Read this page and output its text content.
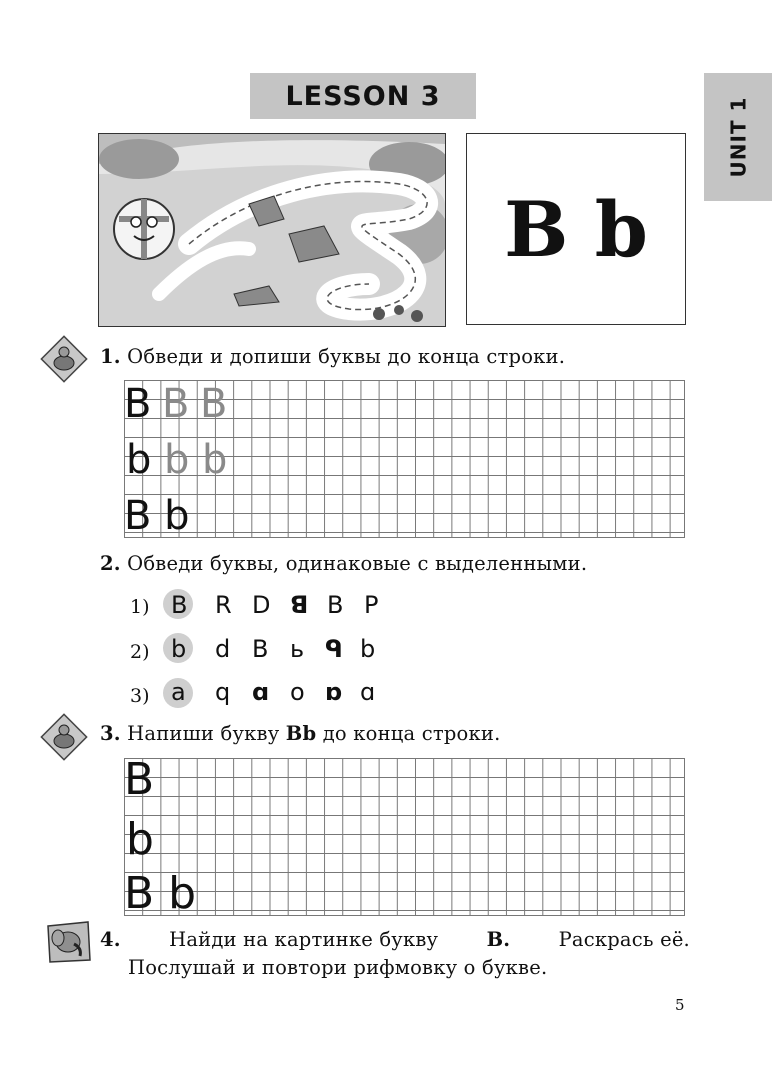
LESSON 3
UNIT 1
B b
1. Обведи и допиши буквы до конца строки.
B B B
b b b
B b
2. Обведи буквы, одинаковые с выделенными.
1) B R D ꓭ B P
2) b d B ь ᑫ b
3) a q ɑ o ɒ ɑ
3. Напиши букву Bb до конца строки.
B
b
B b
4. Найди на картинке букву B. Раскрась её.
Послушай и повтори рифмовку о букве.
5
